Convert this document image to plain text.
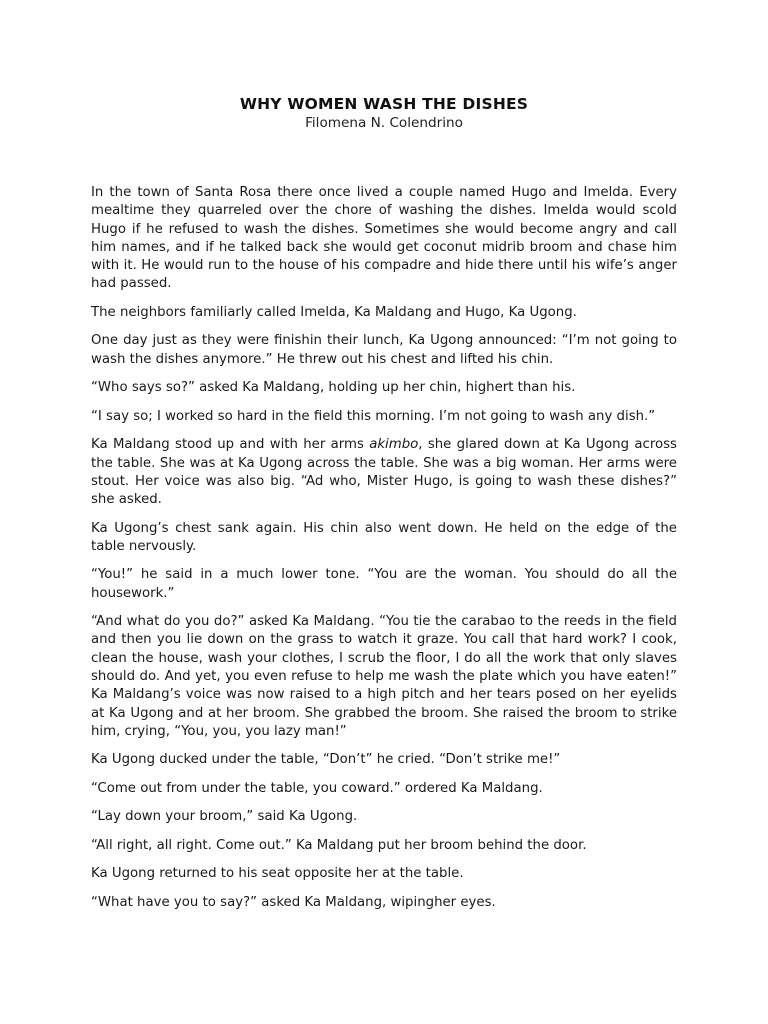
WHY WOMEN WASH THE DISHES

Filomena N. Colendrino

In the town of Santa Rosa there once lived a couple named Hugo and Imelda. Every mealtime they quarreled over the chore of washing the dishes. Imelda would scold Hugo if he refused to wash the dishes. Sometimes she would become angry and call him names, and if he talked back she would get coconut midrib broom and chase him with it. He would run to the house of his compadre and hide there until his wife’s anger had passed.

The neighbors familiarly called Imelda, Ka Maldang and Hugo, Ka Ugong.

One day just as they were finishin their lunch, Ka Ugong announced: “I’m not going to wash the dishes anymore.” He threw out his chest and lifted his chin.

“Who says so?” asked Ka Maldang, holding up her chin, highert than his.

“I say so; I worked so hard in the field this morning. I’m not going to wash any dish.”

Ka Maldang stood up and with her arms akimbo, she glared down at Ka Ugong across the table. She was at Ka Ugong across the table. She was a big woman. Her arms were stout. Her voice was also big. “Ad who, Mister Hugo, is going to wash these dishes?” she asked.

Ka Ugong’s chest sank again. His chin also went down. He held on the edge of the table nervously.

“You!” he said in a much lower tone. “You are the woman. You should do all the housework.”

“And what do you do?” asked Ka Maldang. “You tie the carabao to the reeds in the field and then you lie down on the grass to watch it graze. You call that hard work? I cook, clean the house, wash your clothes, I scrub the floor, I do all the work that only slaves should do. And yet, you even refuse to help me wash the plate which you have eaten!” Ka Maldang’s voice was now raised to a high pitch and her tears posed on her eyelids at Ka Ugong and at her broom. She grabbed the broom. She raised the broom to strike him, crying, “You, you, you lazy man!”

Ka Ugong ducked under the table, “Don’t” he cried. “Don’t strike me!”

“Come out from under the table, you coward.” ordered Ka Maldang.

“Lay down your broom,” said Ka Ugong.

“All right, all right. Come out.” Ka Maldang put her broom behind the door.

Ka Ugong returned to his seat opposite her at the table.

“What have you to say?” asked Ka Maldang, wipingher eyes.
